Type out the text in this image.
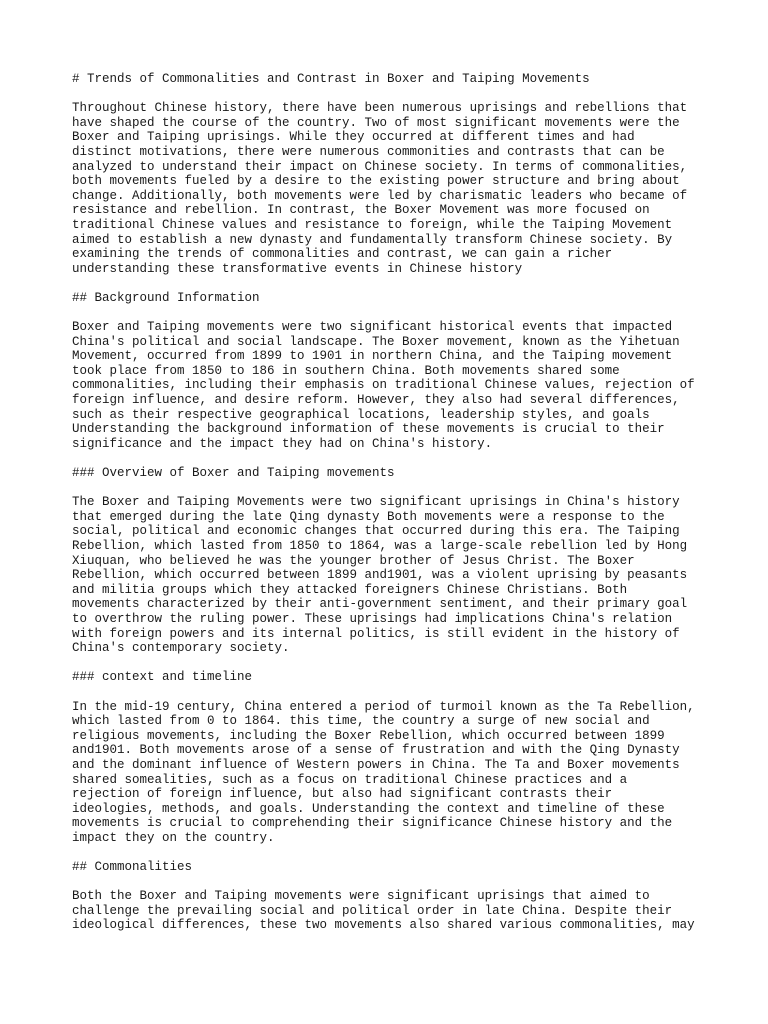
# Trends of Commonalities and Contrast in Boxer and Taiping Movements

Throughout Chinese history, there have been numerous uprisings and rebellions that have shaped the course of the country. Two of most significant movements were the Boxer and Taiping uprisings. While they occurred at different times and had distinct motivations, there were numerous commonities and contrasts that can be analyzed to understand their impact on Chinese society. In terms of commonalities, both movements fueled by a desire to the existing power structure and bring about change. Additionally, both movements were led by charismatic leaders who became of resistance and rebellion. In contrast, the Boxer Movement was more focused on traditional Chinese values and resistance to foreign, while the Taiping Movement aimed to establish a new dynasty and fundamentally transform Chinese society. By examining the trends of commonalities and contrast, we can gain a richer understanding these transformative events in Chinese history

## Background Information

Boxer and Taiping movements were two significant historical events that impacted China's political and social landscape. The Boxer movement, known as the Yihetuan Movement, occurred from 1899 to 1901 in northern China, and the Taiping movement took place from 1850 to 186 in southern China. Both movements shared some commonalities, including their emphasis on traditional Chinese values, rejection of foreign influence, and desire reform. However, they also had several differences, such as their respective geographical locations, leadership styles, and goals Understanding the background information of these movements is crucial to their significance and the impact they had on China's history.

### Overview of Boxer and Taiping movements

The Boxer and Taiping Movements were two significant uprisings in China's history that emerged during the late Qing dynasty Both movements were a response to the social, political and economic changes that occurred during this era. The Taiping Rebellion, which lasted from 1850 to 1864, was a large-scale rebellion led by Hong Xiuquan, who believed he was the younger brother of Jesus Christ. The Boxer Rebellion, which occurred between 1899 and1901, was a violent uprising by peasants and militia groups which they attacked foreigners Chinese Christians. Both movements characterized by their anti-government sentiment, and their primary goal to overthrow the ruling power. These uprisings had implications China's relation with foreign powers and its internal politics, is still evident in the history of China's contemporary society.

### context and timeline

In the mid-19 century, China entered a period of turmoil known as the Ta Rebellion, which lasted from 0 to 1864. this time, the country a surge of new social and religious movements, including the Boxer Rebellion, which occurred between 1899 and1901. Both movements arose of a sense of frustration and with the Qing Dynasty and the dominant influence of Western powers in China. The Ta and Boxer movements shared somealities, such as a focus on traditional Chinese practices and a rejection of foreign influence, but also had significant contrasts their ideologies, methods, and goals. Understanding the context and timeline of these movements is crucial to comprehending their significance Chinese history and the impact they on the country.

## Commonalities

Both the Boxer and Taiping movements were significant uprisings that aimed to challenge the prevailing social and political order in late China. Despite their ideological differences, these two movements also shared various commonalities, may
